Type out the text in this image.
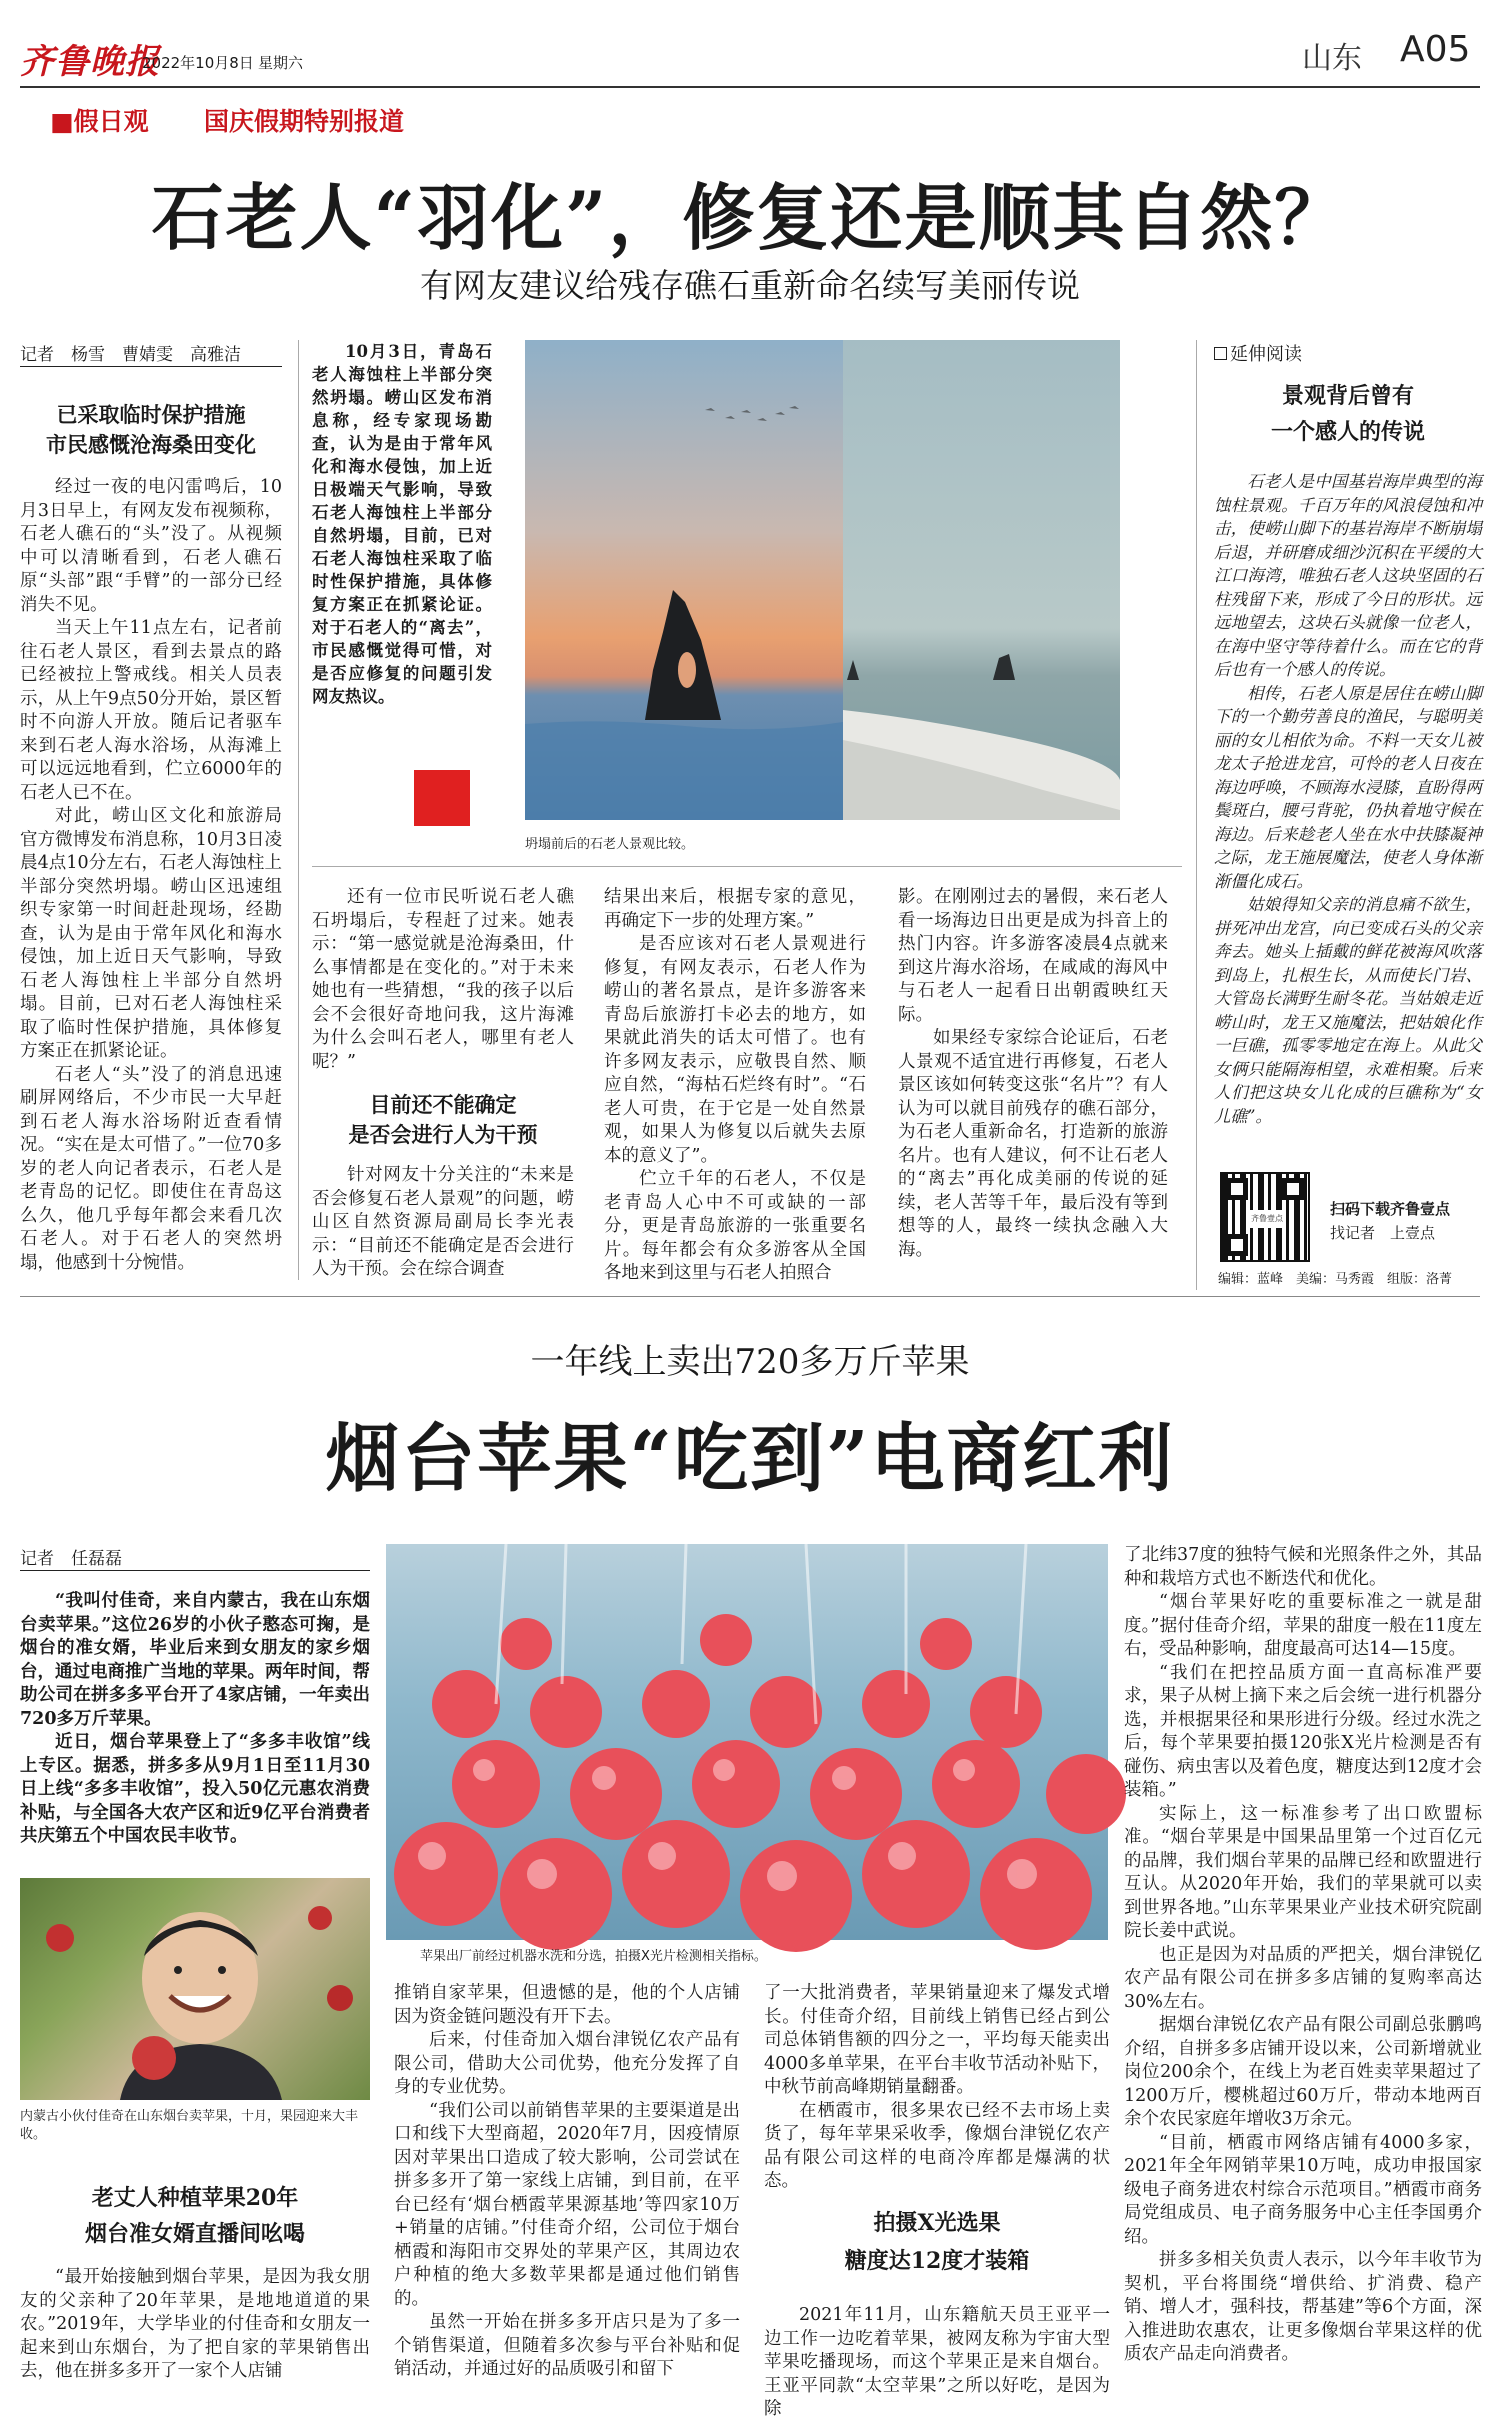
齐鲁晚报
2022年10月8日 星期六	山东 A05
■假日观 国庆假期特别报道
石老人“羽化”，修复还是顺其自然？
有网友建议给残存礁石重新命名续写美丽传说
记者　杨雪　曹婧雯　高雅洁
已采取临时保护措施
市民感慨沧海桑田变化

经过一夜的电闪雷鸣后，10月3日早上，有网友发布视频称，石老人礁石的“头”没了。从视频中可以清晰看到，石老人礁石原“头部”跟“手臂”的一部分已经消失不见。

当天上午11点左右，记者前往石老人景区，看到去景点的路已经被拉上警戒线。相关人员表示，从上午9点50分开始，景区暂时不向游人开放。随后记者驱车来到石老人海水浴场，从海滩上可以远远地看到，伫立6000年的石老人已不在。

对此，崂山区文化和旅游局官方微博发布消息称，10月3日凌晨4点10分左右，石老人海蚀柱上半部分突然坍塌。崂山区迅速组织专家第一时间赶赴现场，经勘查，认为是由于常年风化和海水侵蚀，加上近日天气影响，导致石老人海蚀柱上半部分自然坍塌。目前，已对石老人海蚀柱采取了临时性保护措施，具体修复方案正在抓紧论证。

石老人“头”没了的消息迅速刷屏网络后，不少市民一大早赶到石老人海水浴场附近查看情况。“实在是太可惜了。”一位70多岁的老人向记者表示，石老人是老青岛的记忆。即使住在青岛这么久，他几乎每年都会来看几次石老人。对于石老人的突然坍塌，他感到十分惋惜。

10月3日，青岛石老人海蚀柱上半部分突然坍塌。崂山区发布消息称，经专家现场勘查，认为是由于常年风化和海水侵蚀，加上近日极端天气影响，导致石老人海蚀柱上半部分自然坍塌，目前，已对石老人海蚀柱采取了临时性保护措施，具体修复方案正在抓紧论证。对于石老人的“离去”，市民感慨觉得可惜，对是否应修复的问题引发网友热议。
坍塌前后的石老人景观比较。

还有一位市民听说石老人礁石坍塌后，专程赶了过来。她表示：“第一感觉就是沧海桑田，什么事情都是在变化的。”对于未来她也有一些猜想，“我的孩子以后会不会很好奇地问我，这片海滩为什么会叫石老人，哪里有老人呢？”

目前还不能确定
是否会进行人为干预

针对网友十分关注的“未来是否会修复石老人景观”的问题，崂山区自然资源局副局长李光表示：“目前还不能确定是否会进行人为干预。会在综合调查

结果出来后，根据专家的意见，再确定下一步的处理方案。”

是否应该对石老人景观进行修复，有网友表示，石老人作为崂山的著名景点，是许多游客来青岛后旅游打卡必去的地方，如果就此消失的话太可惜了。也有许多网友表示，应敬畏自然、顺应自然，“海枯石烂终有时”。“石老人可贵，在于它是一处自然景观，如果人为修复以后就失去原本的意义了”。

伫立千年的石老人，不仅是老青岛人心中不可或缺的一部分，更是青岛旅游的一张重要名片。每年都会有众多游客从全国各地来到这里与石老人拍照合

影。在刚刚过去的暑假，来石老人看一场海边日出更是成为抖音上的热门内容。许多游客凌晨4点就来到这片海水浴场，在咸咸的海风中与石老人一起看日出朝霞映红天际。

如果经专家综合论证后，石老人景观不适宜进行再修复，石老人景区该如何转变这张“名片”？有人认为可以就目前残存的礁石部分，为石老人重新命名，打造新的旅游名片。也有人建议，何不让石老人的“离去”再化成美丽的传说的延续，老人苦等千年，最后没有等到想等的人，最终一续执念融入大海。

延伸阅读
景观背后曾有
一个感人的传说

石老人是中国基岩海岸典型的海蚀柱景观。千百万年的风浪侵蚀和冲击，使崂山脚下的基岩海岸不断崩塌后退，并研磨成细沙沉积在平缓的大江口海湾，唯独石老人这块坚固的石柱残留下来，形成了今日的形状。远远地望去，这块石头就像一位老人，在海中坚守等待着什么。而在它的背后也有一个感人的传说。

相传，石老人原是居住在崂山脚下的一个勤劳善良的渔民，与聪明美丽的女儿相依为命。不料一天女儿被龙太子抢进龙宫，可怜的老人日夜在海边呼唤，不顾海水浸膝，直盼得两鬓斑白，腰弓背驼，仍执着地守候在海边。后来趁老人坐在水中扶膝凝神之际，龙王施展魔法，使老人身体渐渐僵化成石。

姑娘得知父亲的消息痛不欲生，拼死冲出龙宫，向已变成石头的父亲奔去。她头上插戴的鲜花被海风吹落到岛上，扎根生长，从而使长门岩、大管岛长满野生耐冬花。当姑娘走近崂山时，龙王又施魔法，把姑娘化作一巨礁，孤零零地定在海上。从此父女俩只能隔海相望，永难相聚。后来人们把这块女儿化成的巨礁称为“女儿礁”。

齐鲁壹点
扫码下载齐鲁壹点
找记者　上壹点
编辑：蓝峰　美编：马秀霞　组版：洛菁
一年线上卖出720多万斤苹果
烟台苹果“吃到”电商红利
记者　任磊磊

“我叫付佳奇，来自内蒙古，我在山东烟台卖苹果。”这位26岁的小伙子憨态可掬，是烟台的准女婿，毕业后来到女朋友的家乡烟台，通过电商推广当地的苹果。两年时间，帮助公司在拼多多平台开了4家店铺，一年卖出720多万斤苹果。

近日，烟台苹果登上了“多多丰收馆”线上专区。据悉，拼多多从9月1日至11月30日上线“多多丰收馆”，投入50亿元惠农消费补贴，与全国各大农产区和近9亿平台消费者共庆第五个中国农民丰收节。

内蒙古小伙付佳奇在山东烟台卖苹果，十月，果园迎来大丰收。
老丈人种植苹果20年
烟台准女婿直播间吆喝

“最开始接触到烟台苹果，是因为我女朋友的父亲种了20年苹果，是地地道道的果农。”2019年，大学毕业的付佳奇和女朋友一起来到山东烟台，为了把自家的苹果销售出去，他在拼多多开了一家个人店铺

苹果出厂前经过机器水洗和分选，拍摄X光片检测相关指标。

推销自家苹果，但遗憾的是，他的个人店铺因为资金链问题没有开下去。

后来，付佳奇加入烟台津锐亿农产品有限公司，借助大公司优势，他充分发挥了自身的专业优势。

“我们公司以前销售苹果的主要渠道是出口和线下大型商超，2020年7月，因疫情原因对苹果出口造成了较大影响，公司尝试在拼多多开了第一家线上店铺，到目前，在平台已经有‘烟台栖霞苹果源基地’等四家10万+销量的店铺。”付佳奇介绍，公司位于烟台栖霞和海阳市交界处的苹果产区，其周边农户种植的绝大多数苹果都是通过他们销售的。

虽然一开始在拼多多开店只是为了多一个销售渠道，但随着多次参与平台补贴和促销活动，并通过好的品质吸引和留下

了一大批消费者，苹果销量迎来了爆发式增长。付佳奇介绍，目前线上销售已经占到公司总体销售额的四分之一，平均每天能卖出4000多单苹果，在平台丰收节活动补贴下，中秋节前高峰期销量翻番。

在栖霞市，很多果农已经不去市场上卖货了，每年苹果采收季，像烟台津锐亿农产品有限公司这样的电商冷库都是爆满的状态。

拍摄X光选果
糖度达12度才装箱

2021年11月，山东籍航天员王亚平一边工作一边吃着苹果，被网友称为宇宙大型苹果吃播现场，而这个苹果正是来自烟台。王亚平同款“太空苹果”之所以好吃，是因为除

了北纬37度的独特气候和光照条件之外，其品种和栽培方式也不断迭代和优化。

“烟台苹果好吃的重要标准之一就是甜度。”据付佳奇介绍，苹果的甜度一般在11度左右，受品种影响，甜度最高可达14—15度。

“我们在把控品质方面一直高标准严要求，果子从树上摘下来之后会统一进行机器分选，并根据果径和果形进行分级。经过水洗之后，每个苹果要拍摄120张X光片检测是否有碰伤、病虫害以及着色度，糖度达到12度才会装箱。”

实际上，这一标准参考了出口欧盟标准。“烟台苹果是中国果品里第一个过百亿元的品牌，我们烟台苹果的品牌已经和欧盟进行互认。从2020年开始，我们的苹果就可以卖到世界各地。”山东苹果果业产业技术研究院副院长姜中武说。

也正是因为对品质的严把关，烟台津锐亿农产品有限公司在拼多多店铺的复购率高达30%左右。

据烟台津锐亿农产品有限公司副总张鹏鸣介绍，自拼多多店铺开设以来，公司新增就业岗位200余个，在线上为老百姓卖苹果超过了1200万斤，樱桃超过60万斤，带动本地两百余个农民家庭年增收3万余元。

“目前，栖霞市网络店铺有4000多家，2021年全年网销苹果10万吨，成功申报国家级电子商务进农村综合示范项目。”栖霞市商务局党组成员、电子商务服务中心主任李国勇介绍。

拼多多相关负责人表示，以今年丰收节为契机，平台将围绕“增供给、扩消费、稳产销、增人才，强科技，帮基建”等6个方面，深入推进助农惠农，让更多像烟台苹果这样的优质农产品走向消费者。
